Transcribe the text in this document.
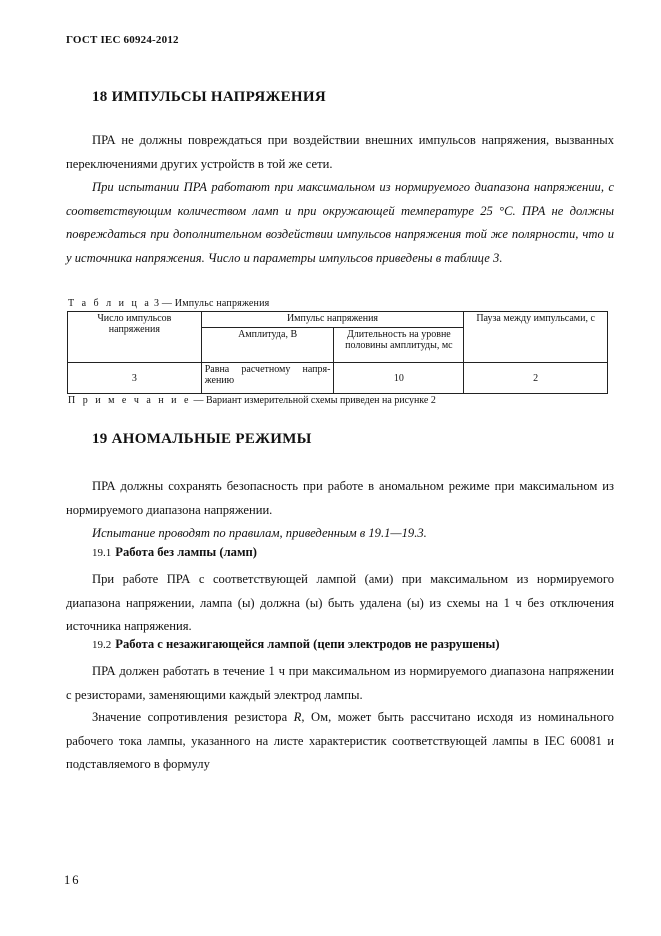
ГОСТ IEC 60924-2012
18 ИМПУЛЬСЫ НАПРЯЖЕНИЯ
ПРА не должны повреждаться при воздействии внешних импульсов напряжения, вызванных переключениями других устройств в той же сети.
При испытании ПРА работают при максимальном из нормируемого диапазона напряжении, с соответствующим количеством ламп и при окружающей температуре 25 °С. ПРА не должны повреждаться при дополнительном воздействии импульсов напряжения той же полярности, что и у источника напряжения. Число и параметры импульсов приведены в таблице 3.
Т а б л и ц а 3 — Импульс напряжения
Число импульсов напряжения	Импульс напряжения		Пауза между импульсами, с
	Амплитуда, В	Длительность на уровне половины амплитуды, мс	
3	Равна расчетному напря- жению	10	2
П р и м е ч а н и е — Вариант измерительной схемы приведен на рисунке 2
19 АНОМАЛЬНЫЕ РЕЖИМЫ
ПРА должны сохранять безопасность при работе в аномальном режиме при максимальном из нормируемого диапазона напряжении.
Испытание проводят по правилам, приведенным в 19.1—19.3.
19.1 Работа без лампы (ламп)
При работе ПРА с соответствующей лампой (ами) при максимальном из нормируемого диапазона напряжении, лампа (ы) должна (ы) быть удалена (ы) из схемы на 1 ч без отключения источника напряжения.
19.2 Работа с незажигающейся лампой (цепи электродов не разрушены)
ПРА должен работать в течение 1 ч при максимальном из нормируемого диапазона напряжении с резисторами, заменяющими каждый электрод лампы.
Значение сопротивления резистора R, Ом, может быть рассчитано исходя из номинального рабочего тока лампы, указанного на листе характеристик соответствующей лампы в IEC 60081 и подставляемого в формулу
16
